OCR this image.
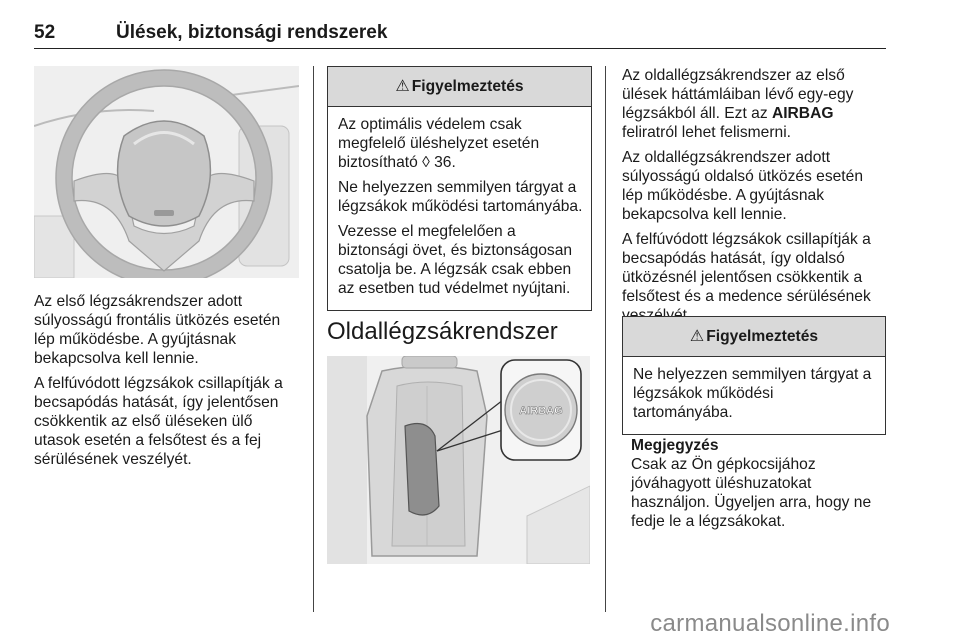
52	Ülések, biztonsági rendszerek

Az első légzsákrendszer adott súlyosságú frontális ütközés esetén lép működésbe. A gyújtásnak bekapcsolva kell lennie.

A felfúvódott légzsákok csillapítják a becsapódás hatását, így jelentősen csökkentik az első üléseken ülő utasok esetén a felsőtest és a fej sérülésének veszélyét.

⚠ Figyelmeztetés

Az optimális védelem csak megfelelő üléshelyzet esetén biztosítható ◊ 36.

Ne helyezzen semmilyen tárgyat a légzsákok működési tartományába.

Vezesse el megfelelően a biztonsági övet, és biztonságosan csatolja be. A légzsák csak ebben az esetben tud védelmet nyújtani.

Oldallégzsákrendszer
AIRBAG

Az oldallégzsákrendszer az első ülések háttámláiban lévő egy-egy légzsákból áll. Ezt az AIRBAG feliratról lehet felismerni.

Az oldallégzsákrendszer adott súlyosságú oldalsó ütközés esetén lép működésbe. A gyújtásnak bekapcsolva kell lennie.

A felfúvódott légzsákok csillapítják a becsapódás hatását, így oldalsó ütközésnél jelentősen csökkentik a felsőtest és a medence sérülésének

⚠ Figyelmeztetés

Ne helyezzen semmilyen tárgyat a légzsákok működési tartományába.

Megjegyzés
Csak az Ön gépkocsijához jóváhagyott üléshuzatokat használjon. Ügyeljen arra, hogy ne fedje le a légzsákokat.
carmanualsonline.info
